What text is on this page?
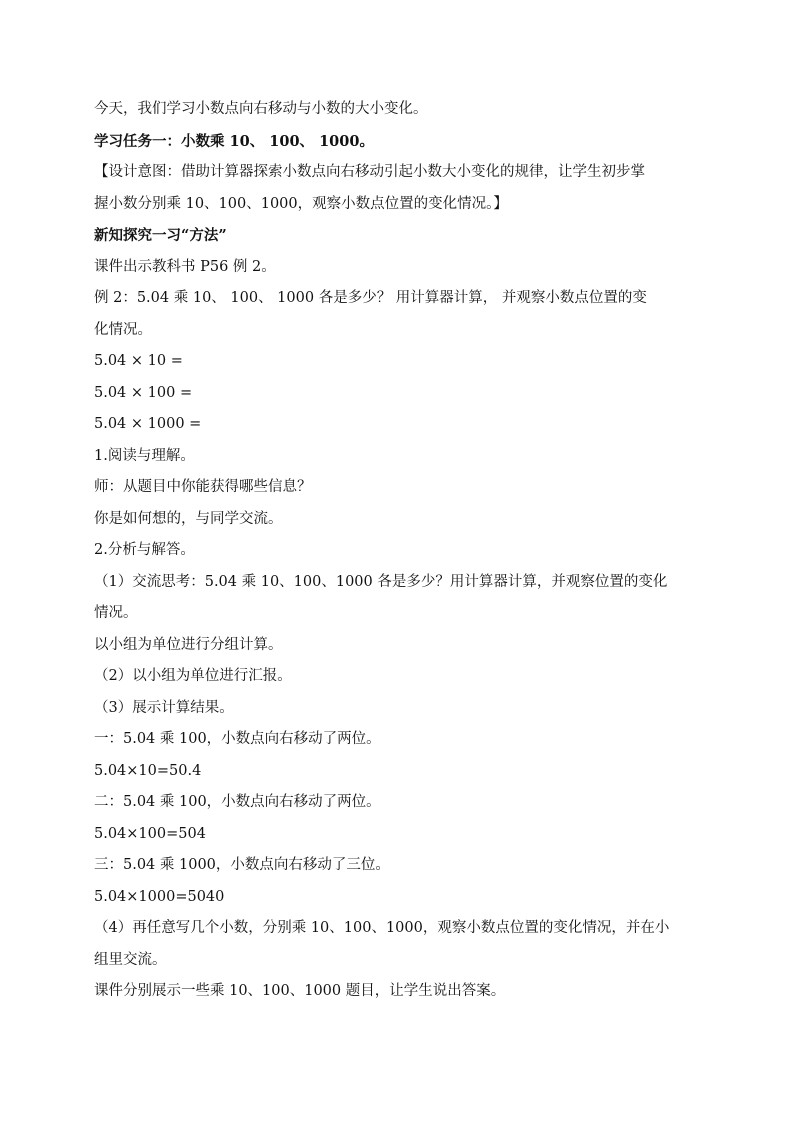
今天，我们学习小数点向右移动与小数的大小变化。
学习任务一：小数乘 10、 100、 1000。
【设计意图：借助计算器探索小数点向右移动引起小数大小变化的规律，让学生初步掌
握小数分别乘 10、100、1000，观察小数点位置的变化情况。】
新知探究一习“方法”
课件出示教科书 P56 例 2。
例 2：5.04 乘 10、 100、 1000 各是多少？ 用计算器计算， 并观察小数点位置的变
化情况。
5.04 × 10 =
5.04 × 100 =
5.04 × 1000 =
1.阅读与理解。
师：从题目中你能获得哪些信息？
你是如何想的，与同学交流。
2.分析与解答。
（1）交流思考：5.04 乘 10、100、1000 各是多少？用计算器计算，并观察位置的变化
情况。
以小组为单位进行分组计算。
（2）以小组为单位进行汇报。
（3）展示计算结果。
一：5.04 乘 100，小数点向右移动了两位。
5.04×10=50.4
二：5.04 乘 100，小数点向右移动了两位。
5.04×100=504
三：5.04 乘 1000，小数点向右移动了三位。
5.04×1000=5040
（4）再任意写几个小数，分别乘 10、100、1000，观察小数点位置的变化情况，并在小
组里交流。
课件分别展示一些乘 10、100、1000 题目，让学生说出答案。
